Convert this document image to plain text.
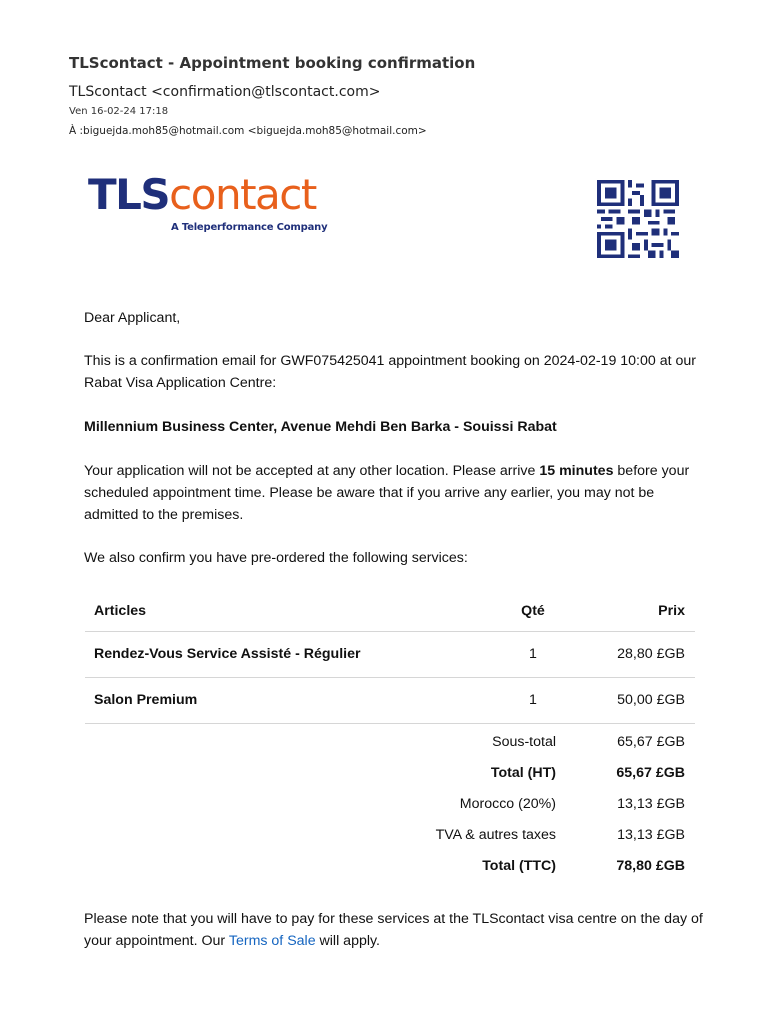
TLScontact - Appointment booking confirmation
TLScontact <confirmation@tlscontact.com>
Ven 16-02-24 17:18
À :biguejda.moh85@hotmail.com <biguejda.moh85@hotmail.com>
TLScontact
A Teleperformance Company
Dear Applicant,
This is a confirmation email for GWF075425041 appointment booking on 2024-02-19 10:00 at our Rabat Visa Application Centre:
Millennium Business Center, Avenue Mehdi Ben Barka - Souissi Rabat
Your application will not be accepted at any other location. Please arrive 15 minutes before your scheduled appointment time. Please be aware that if you arrive any earlier, you may not be admitted to the premises.
We also confirm you have pre-ordered the following services:
Articles	Qté	Prix
Rendez-Vous Service Assisté - Régulier	1	28,80 £GB
Salon Premium	1	50,00 £GB
Sous-total	65,67 £GB
Total (HT)	65,67 £GB
Morocco (20%)	13,13 £GB
TVA & autres taxes	13,13 £GB
Total (TTC)	78,80 £GB
Please note that you will have to pay for these services at the TLScontact visa centre on the day of your appointment. Our Terms of Sale will apply.
